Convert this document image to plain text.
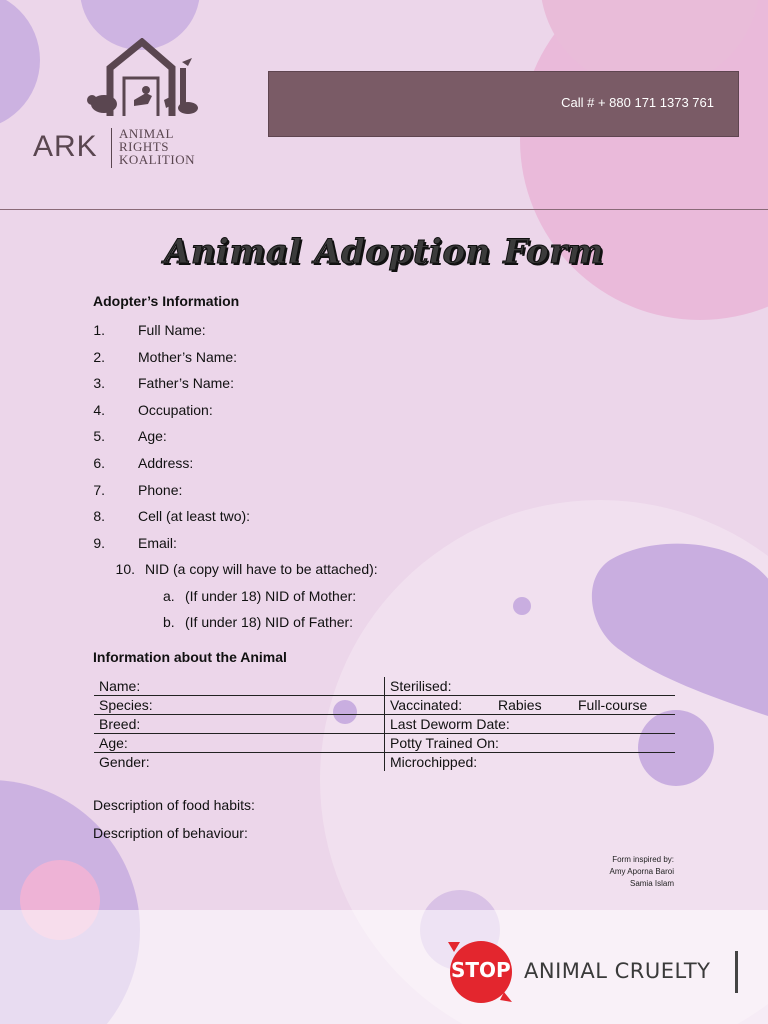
ARK ANIMAL
RIGHTS
KOALITION
Call # + 880 171 1373 761
Animal Adoption Form
Adopter’s Information
1. Full Name:
2. Mother’s Name:
3. Father’s Name:
4. Occupation:
5. Age:
6. Address:
7. Phone:
8. Cell (at least two):
9. Email:
10. NID (a copy will have to be attached):
(If under 18) NID of Mother:
(If under 18) NID of Father:
Information about the Animal
Name:	Sterilised:
Species:	Vaccinated: Rabies Full-course
Breed:	Last Deworm Date:
Age:	Potty Trained On:
Gender:	Microchipped:
Description of food habits:
Description of behaviour:
Form inspired by:
Amy Aporna Baroi
Samia Islam
STOP ANIMAL CRUELTY
